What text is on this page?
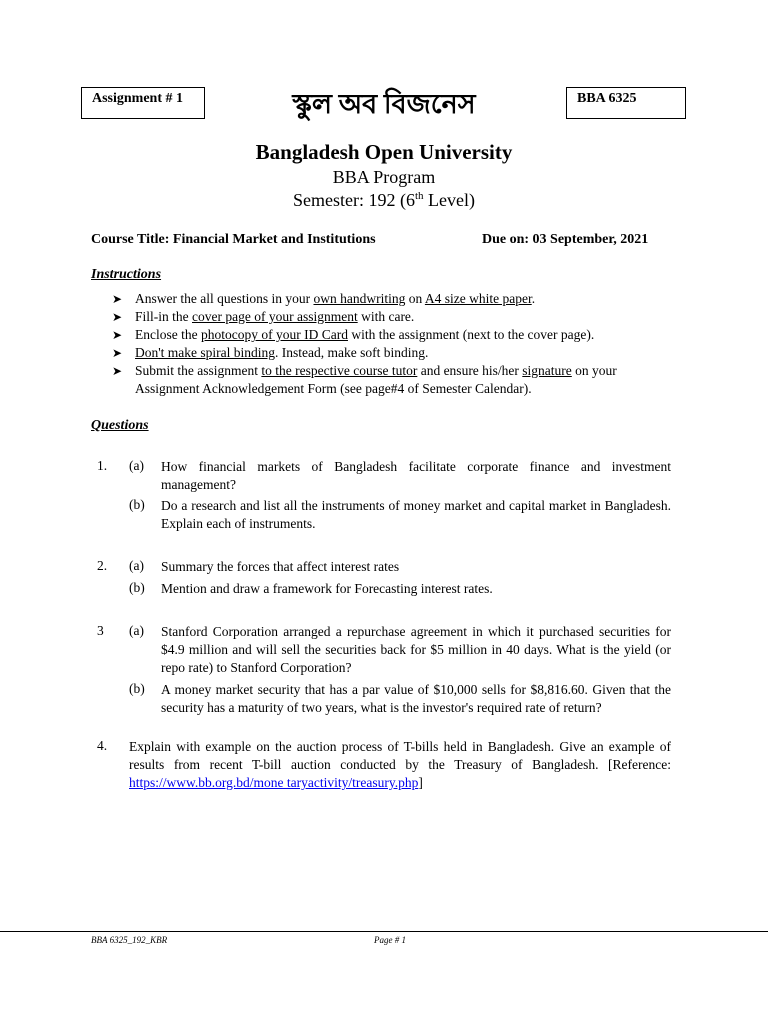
Assignment # 1	BBA 6325
স্কুল অব বিজনেস
Bangladesh Open University
BBA Program
Semester: 192 (6th Level)
Course Title: Financial Market and Institutions	Due on: 03 September, 2021
Instructions
➤ Answer the all questions in your own handwriting on A4 size white paper.
➤ Fill-in the cover page of your assignment with care.
➤ Enclose the photocopy of your ID Card with the assignment (next to the cover page).
➤ Don't make spiral binding. Instead, make soft binding.
➤ Submit the assignment to the respective course tutor and ensure his/her signature on your Assignment Acknowledgement Form (see page#4 of Semester Calendar).
Questions
1. (a) How financial markets of Bangladesh facilitate corporate finance and investment management?
(b) Do a research and list all the instruments of money market and capital market in Bangladesh. Explain each of instruments.
2. (a) Summary the forces that affect interest rates
(b) Mention and draw a framework for Forecasting interest rates.
3 (a) Stanford Corporation arranged a repurchase agreement in which it purchased securities for $4.9 million and will sell the securities back for $5 million in 40 days. What is the yield (or repo rate) to Stanford Corporation?
(b) A money market security that has a par value of $10,000 sells for $8,816.60. Given that the security has a maturity of two years, what is the investor's required rate of return?
4. Explain with example on the auction process of T-bills held in Bangladesh. Give an example of results from recent T-bill auction conducted by the Treasury of Bangladesh. [Reference: https://www.bb.org.bd/mone taryactivity/treasury.php]
BBA 6325_192_KBR	Page # 1
